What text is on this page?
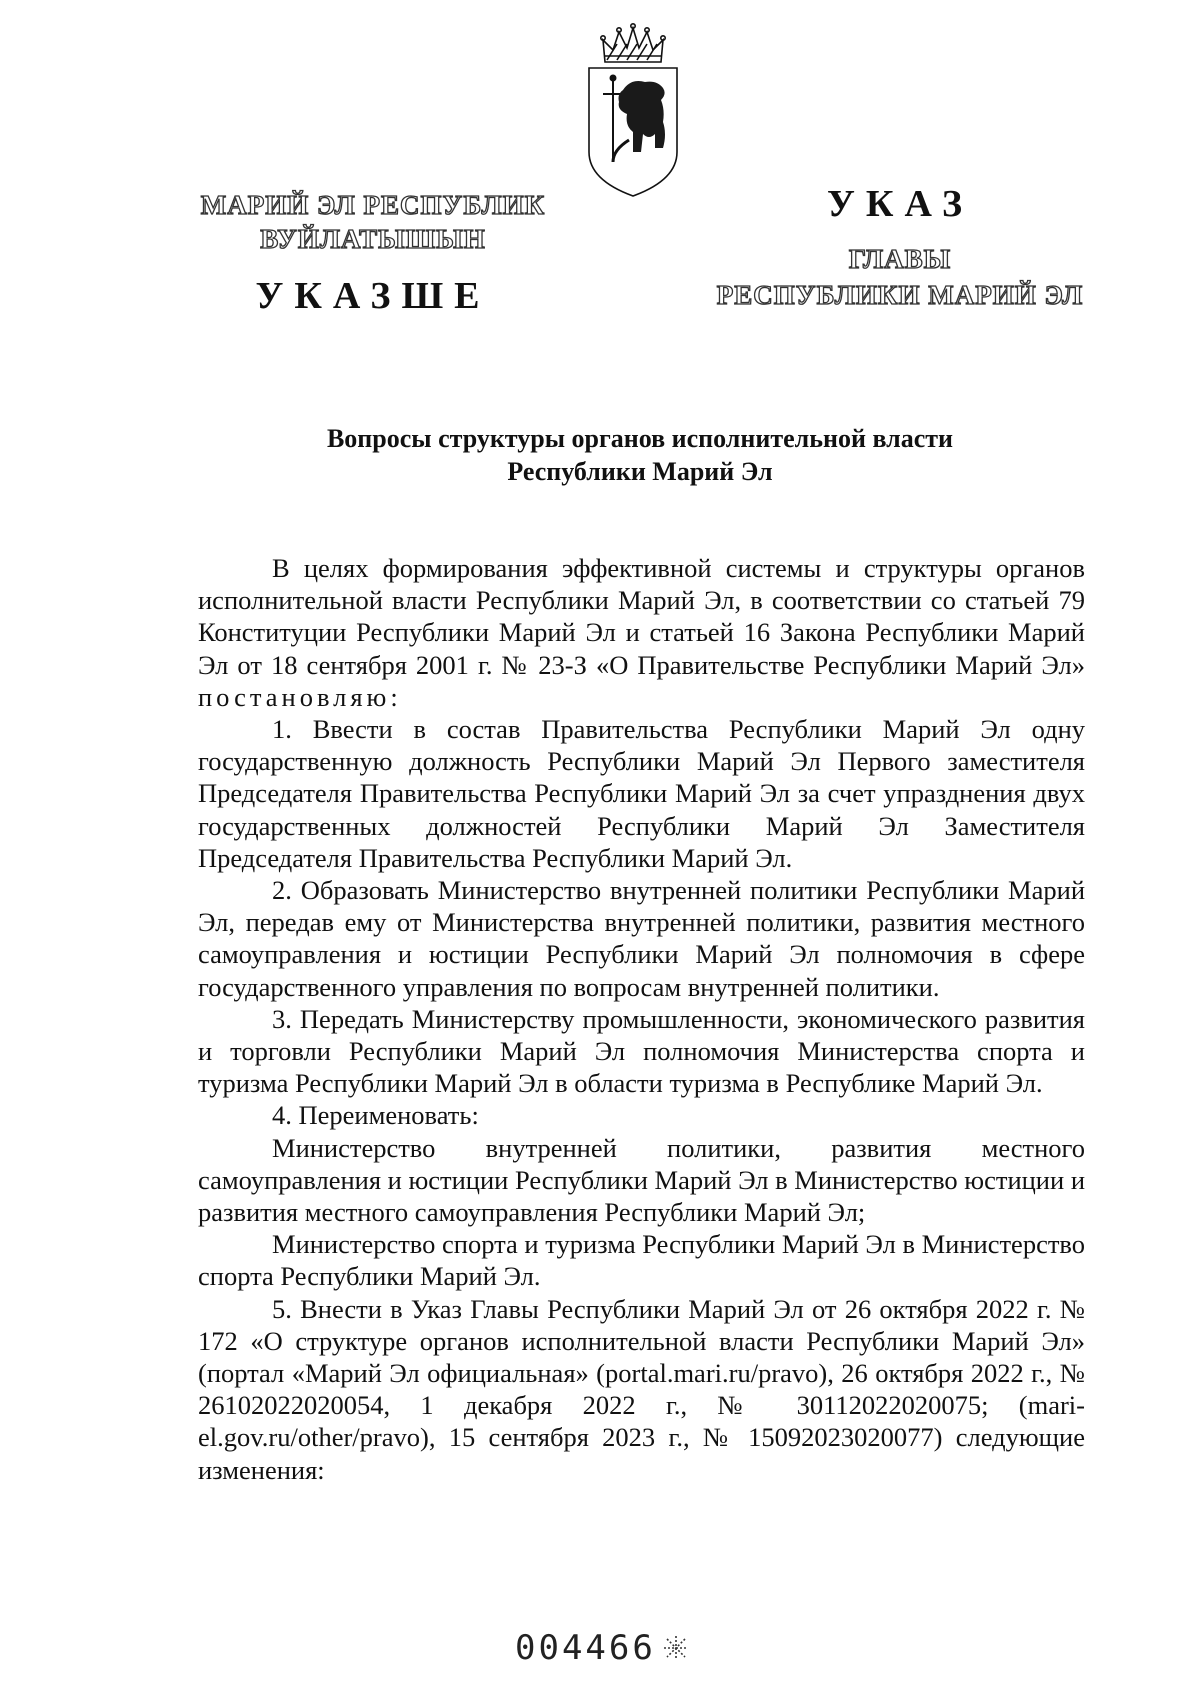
МАРИЙ ЭЛ РЕСПУБЛИК
ВУЙЛАТЫШЫН
УКАЗШЕ
УКАЗ
ГЛАВЫ
РЕСПУБЛИКИ МАРИЙ ЭЛ
Вопросы структуры органов исполнительной власти
Республики Марий Эл

В целях формирования эффективной системы и структуры органов исполнительной власти Республики Марий Эл, в соответствии со статьей 79 Конституции Республики Марий Эл и статьей 16 Закона Республики Марий Эл от 18 сентября 2001 г. № 23-З «О Правительстве Республики Марий Эл» постановляю:

1. Ввести в состав Правительства Республики Марий Эл одну государственную должность Республики Марий Эл Первого заместителя Председателя Правительства Республики Марий Эл за счет упразднения двух государственных должностей Республики Марий Эл Заместителя Председателя Правительства Республики Марий Эл.

2. Образовать Министерство внутренней политики Республики Марий Эл, передав ему от Министерства внутренней политики, развития местного самоуправления и юстиции Республики Марий Эл полномочия в сфере государственного управления по вопросам внутренней политики.

3. Передать Министерству промышленности, экономического развития и торговли Республики Марий Эл полномочия Министерства спорта и туризма Республики Марий Эл в области туризма в Республике Марий Эл.

4. Переименовать:

Министерство внутренней политики, развития местного самоуправления и юстиции Республики Марий Эл в Министерство юстиции и развития местного самоуправления Республики Марий Эл;

Министерство спорта и туризма Республики Марий Эл в Министерство спорта Республики Марий Эл.

5. Внести в Указ Главы Республики Марий Эл от 26 октября 2022 г. № 172 «О структуре органов исполнительной власти Республики Марий Эл» (портал «Марий Эл официальная» (portal.mari.ru/pravo), 26 октября 2022 г., № 26102022020054, 1 декабря 2022 г., № 30112022020075; (mari-el.gov.ru/other/pravo), 15 сентября 2023 г., № 15092023020077) следующие изменения:

004466
